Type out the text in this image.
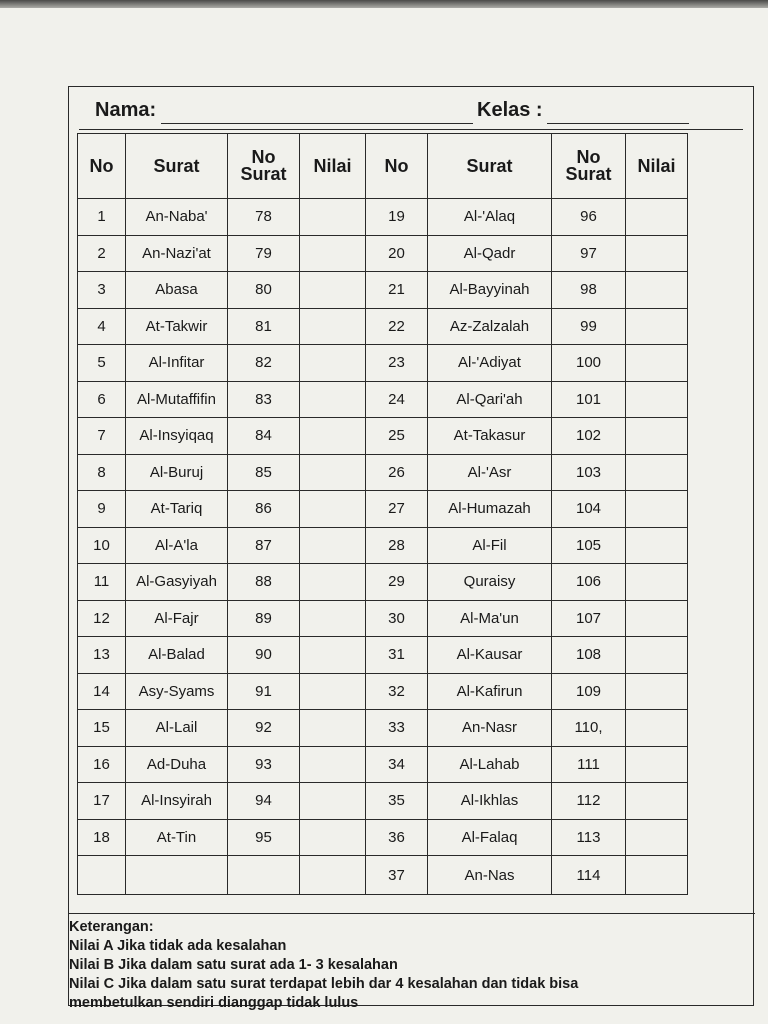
Nama:	Kelas :
No	Surat	No Surat	Nilai	No	Surat	No Surat	Nilai
1	An-Naba'	78		19	Al-'Alaq	96	
2	An-Nazi'at	79		20	Al-Qadr	97	
3	Abasa	80		21	Al-Bayyinah	98	
4	At-Takwir	81		22	Az-Zalzalah	99	
5	Al-Infitar	82		23	Al-'Adiyat	100	
6	Al-Mutaffifin	83		24	Al-Qari'ah	101	
7	Al-Insyiqaq	84		25	At-Takasur	102	
8	Al-Buruj	85		26	Al-'Asr	103	
9	At-Tariq	86		27	Al-Humazah	104	
10	Al-A'la	87		28	Al-Fil	105	
11	Al-Gasyiyah	88		29	Quraisy	106	
12	Al-Fajr	89		30	Al-Ma'un	107	
13	Al-Balad	90		31	Al-Kausar	108	
14	Asy-Syams	91		32	Al-Kafirun	109	
15	Al-Lail	92		33	An-Nasr	110,	
16	Ad-Duha	93		34	Al-Lahab	111	
17	Al-Insyirah	94		35	Al-Ikhlas	112	
18	At-Tin	95		36	Al-Falaq	113	
				37	An-Nas	114	
Keterangan:
Nilai A Jika tidak ada kesalahan
Nilai B Jika dalam satu surat ada 1- 3 kesalahan
Nilai C Jika dalam satu surat terdapat lebih dar 4 kesalahan dan tidak bisa
membetulkan sendiri dianggap tidak lulus
